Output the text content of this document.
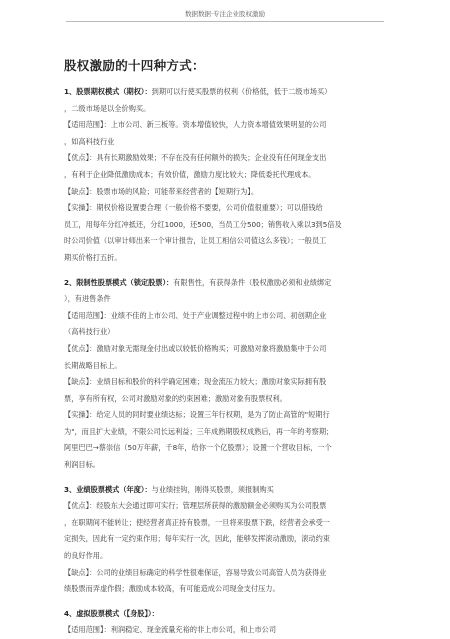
数据数据·专注企业股权激励
股权激励的十四种方式：

1、股票期权模式（期权）：到期可以行使买股票的权利（价格低，低于二级市场买）

，二级市场是以全价购买。

【适用范围】：上市公司、新三板等。资本增值较快，人力资本增值效果明显的公司

，如高科技行业

【优点】：具有长期激励效果；不存在没有任何额外的损失；企业没有任何现金支出

，有利于企业降低激励成本；有效价值，激励力度比较大；降低委托代理成本。

【缺点】：股票市场的风险；可能带来经营者的【短期行为】。

【实操】：期权价格设置要合理（一般价格不要要，公司价值很重要）；可以借钱给

员工，用每年分红冲抵还，分红1000，还500，当员工分500；销售收入乘以3到5倍及

时公司价值（以审计师出来一个审计报告，让员工相信公司值这么多钱）；一般员工

期买价格打五折。

2、限制性股票模式（锁定股票）：有限售性，有获得条件（股权激励必须和业绩绑定

），有进售条件

【适用范围】：业绩不佳的上市公司、处于产业调整过程中的上市公司、初创期企业

（高科技行业）

【优点】：激励对象无需现金付出或以较低价格购买；可激励对象将激励集中于公司

长期战略目标上。

【缺点】：业绩目标和股价的科学确定困难；现金流压力较大；激励对象实际拥有股

票，享有所有权，公司对激励对象的约束困难；激励对象有股票权利。

【实操】：给定人员的同时要业绩达标；设置三年行权期，是为了防止高管的"短期行

为"，而且扩大业绩，不限公司长远利益；三年成熟期股权成熟后，再一年的考察期；

阿里巴巴→蔡崇信（50万年薪，千8年，给你一个亿股票）；设置一个营收目标，一个

利润目标。

3、业绩股票模式（年度）：与业绩挂钩，刚得买股票，须报制购买

【优点】：经股东大会通过即可实行；管理层所获得的激励额金必须购买为公司股票

，在职期间不能转让；使经营者真正持有股票，一旦将来股票下跌，经营者会承受一

定损失，因此有一定约束作用；每年实行一次，因此，能够发挥滚动激励，滚动约束

的良好作用。

【缺点】：公司的业绩目标确定的科学性很难保证，容易导致公司高管人员为获得业

绩股票而弄虚作假；激励成本较高，有可能造成公司现金支付压力。

4、虚拟股票模式（【身股】）：

【适用范围】：利润稳定、现金流量充裕的非上市公司，和上市公司
